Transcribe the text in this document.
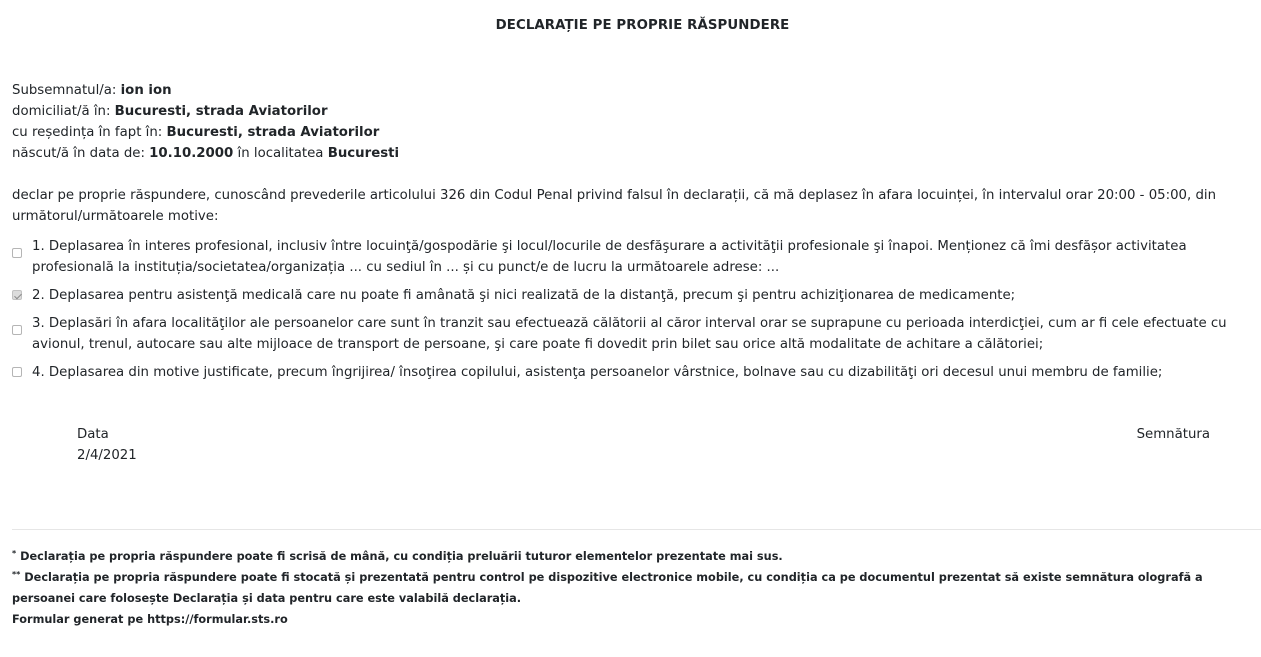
DECLARAȚIE PE PROPRIE RĂSPUNDERE
Subsemnatul/a: ion ion
domiciliat/ă în: Bucuresti, strada Aviatorilor
cu reședința în fapt în: Bucuresti, strada Aviatorilor
născut/ă în data de: 10.10.2000 în localitatea Bucuresti
declar pe proprie răspundere, cunoscând prevederile articolului 326 din Codul Penal privind falsul în declarații, că mă deplasez în afara locuinței, în intervalul orar 20:00 - 05:00, din următorul/următoarele motive:
1. Deplasarea în interes profesional, inclusiv între locuinţă/gospodărie şi locul/locurile de desfăşurare a activităţii profesionale şi înapoi. Menționez că îmi desfășor activitatea profesională la instituția/societatea/organizația ... cu sediul în ... și cu punct/e de lucru la următoarele adrese: ...
2. Deplasarea pentru asistenţă medicală care nu poate fi amânată şi nici realizată de la distanţă, precum şi pentru achiziţionarea de medicamente;
3. Deplasări în afara localităţilor ale persoanelor care sunt în tranzit sau efectuează călătorii al căror interval orar se suprapune cu perioada interdicţiei, cum ar fi cele efectuate cu avionul, trenul, autocare sau alte mijloace de transport de persoane, şi care poate fi dovedit prin bilet sau orice altă modalitate de achitare a călătoriei;
4. Deplasarea din motive justificate, precum îngrijirea/ însoţirea copilului, asistenţa persoanelor vârstnice, bolnave sau cu dizabilităţi ori decesul unui membru de familie;
Data
2/4/2021
Semnătura
* Declarația pe propria răspundere poate fi scrisă de mână, cu condiția preluării tuturor elementelor prezentate mai sus.
** Declarația pe propria răspundere poate fi stocată și prezentată pentru control pe dispozitive electronice mobile, cu condiția ca pe documentul prezentat să existe semnătura olografă a persoanei care folosește Declarația și data pentru care este valabilă declarația.
Formular generat pe https://formular.sts.ro
